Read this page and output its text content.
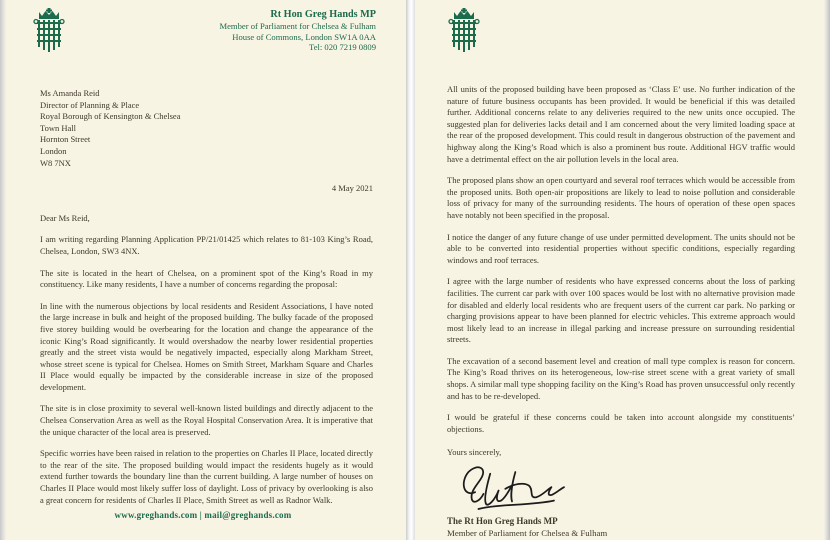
Rt Hon Greg Hands MP
Member of Parliament for Chelsea & Fulham
House of Commons, London SW1A 0AA
Tel: 020 7219 0809
Ms Amanda Reid
Director of Planning & Place
Royal Borough of Kensington & Chelsea
Town Hall
Hornton Street
London
W8 7NX
4 May 2021
Dear Ms Reid,

I am writing regarding Planning Application PP/21/01425 which relates to 81-103 King’s Road, Chelsea, London, SW3 4NX.

The site is located in the heart of Chelsea, on a prominent spot of the King’s Road in my constituency. Like many residents, I have a number of concerns regarding the proposal:

In line with the numerous objections by local residents and Resident Associations, I have noted the large increase in bulk and height of the proposed building. The bulky facade of the proposed five storey building would be overbearing for the location and change the appearance of the iconic King’s Road significantly. It would overshadow the nearby lower residential properties greatly and the street vista would be negatively impacted, especially along Markham Street, whose street scene is typical for Chelsea. Homes on Smith Street, Markham Square and Charles II Place would equally be impacted by the considerable increase in size of the proposed development.

The site is in close proximity to several well-known listed buildings and directly adjacent to the Chelsea Conservation Area as well as the Royal Hospital Conservation Area. It is imperative that the unique character of the local area is preserved.

Specific worries have been raised in relation to the properties on Charles II Place, located directly to the rear of the site. The proposed building would impact the residents hugely as it would extend further towards the boundary line than the current building. A large number of houses on Charles II Place would most likely suffer loss of daylight. Loss of privacy by overlooking is also a great concern for residents of Charles II Place, Smith Street as well as Radnor Walk.

www.greghands.com | mail@greghands.com

All units of the proposed building have been proposed as ‘Class E’ use. No further indication of the nature of future business occupants has been provided. It would be beneficial if this was detailed further. Additional concerns relate to any deliveries required to the new units once occupied. The suggested plan for deliveries lacks detail and I am concerned about the very limited loading space at the rear of the proposed development. This could result in dangerous obstruction of the pavement and highway along the King’s Road which is also a prominent bus route. Additional HGV traffic would have a detrimental effect on the air pollution levels in the local area.

The proposed plans show an open courtyard and several roof terraces which would be accessible from the proposed units. Both open-air propositions are likely to lead to noise pollution and considerable loss of privacy for many of the surrounding residents. The hours of operation of these open spaces have notably not been specified in the proposal.

I notice the danger of any future change of use under permitted development. The units should not be able to be converted into residential properties without specific conditions, especially regarding windows and roof terraces.

I agree with the large number of residents who have expressed concerns about the loss of parking facilities. The current car park with over 100 spaces would be lost with no alternative provision made for disabled and elderly local residents who are frequent users of the current car park. No parking or charging provisions appear to have been planned for electric vehicles. This extreme approach would most likely lead to an increase in illegal parking and increase pressure on surrounding residential streets.

The excavation of a second basement level and creation of mall type complex is reason for concern. The King’s Road thrives on its heterogeneous, low-rise street scene with a great variety of small shops. A similar mall type shopping facility on the King’s Road has proven unsuccessful only recently and has to be re-developed.

I would be grateful if these concerns could be taken into account alongside my constituents’ objections.

Yours sincerely,
The Rt Hon Greg Hands MP
Member of Parliament for Chelsea & Fulham
